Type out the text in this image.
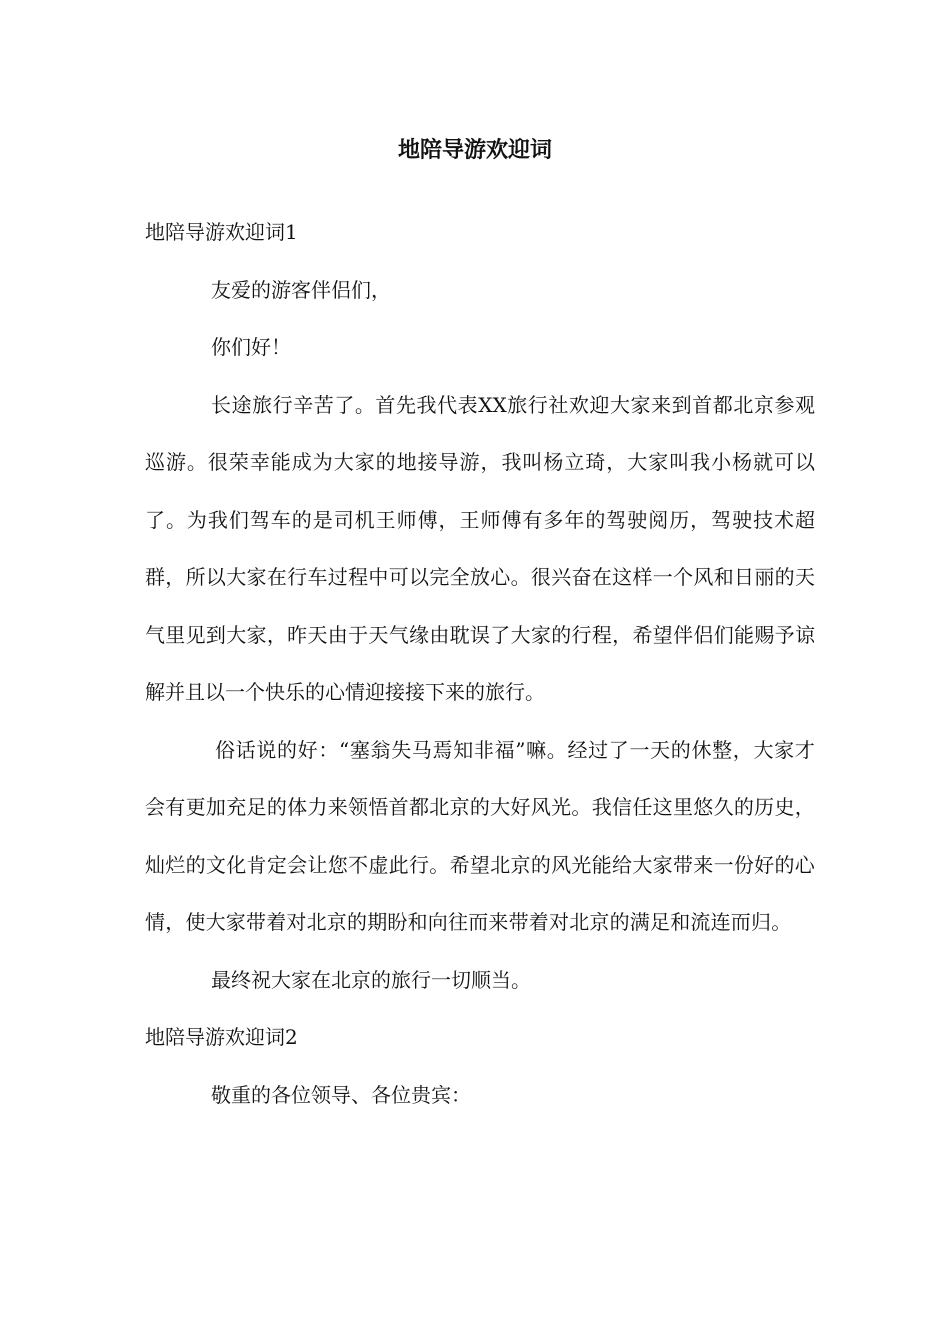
地陪导游欢迎词

地陪导游欢迎词1

友爱的游客伴侣们，

你们好！

长途旅行辛苦了。首先我代表XX旅行社欢迎大家来到首都北京参观巡游。很荣幸能成为大家的地接导游，我叫杨立琦，大家叫我小杨就可以了。为我们驾车的是司机王师傅，王师傅有多年的驾驶阅历，驾驶技术超群，所以大家在行车过程中可以完全放心。很兴奋在这样一个风和日丽的天气里见到大家，昨天由于天气缘由耽误了大家的行程，希望伴侣们能赐予谅解并且以一个快乐的心情迎接接下来的旅行。

俗话说的好：“塞翁失马焉知非福”嘛。经过了一天的休整，大家才会有更加充足的体力来领悟首都北京的大好风光。我信任这里悠久的历史，灿烂的文化肯定会让您不虚此行。希望北京的风光能给大家带来一份好的心情，使大家带着对北京的期盼和向往而来带着对北京的满足和流连而归。

最终祝大家在北京的旅行一切顺当。

地陪导游欢迎词2

敬重的各位领导、各位贵宾：
